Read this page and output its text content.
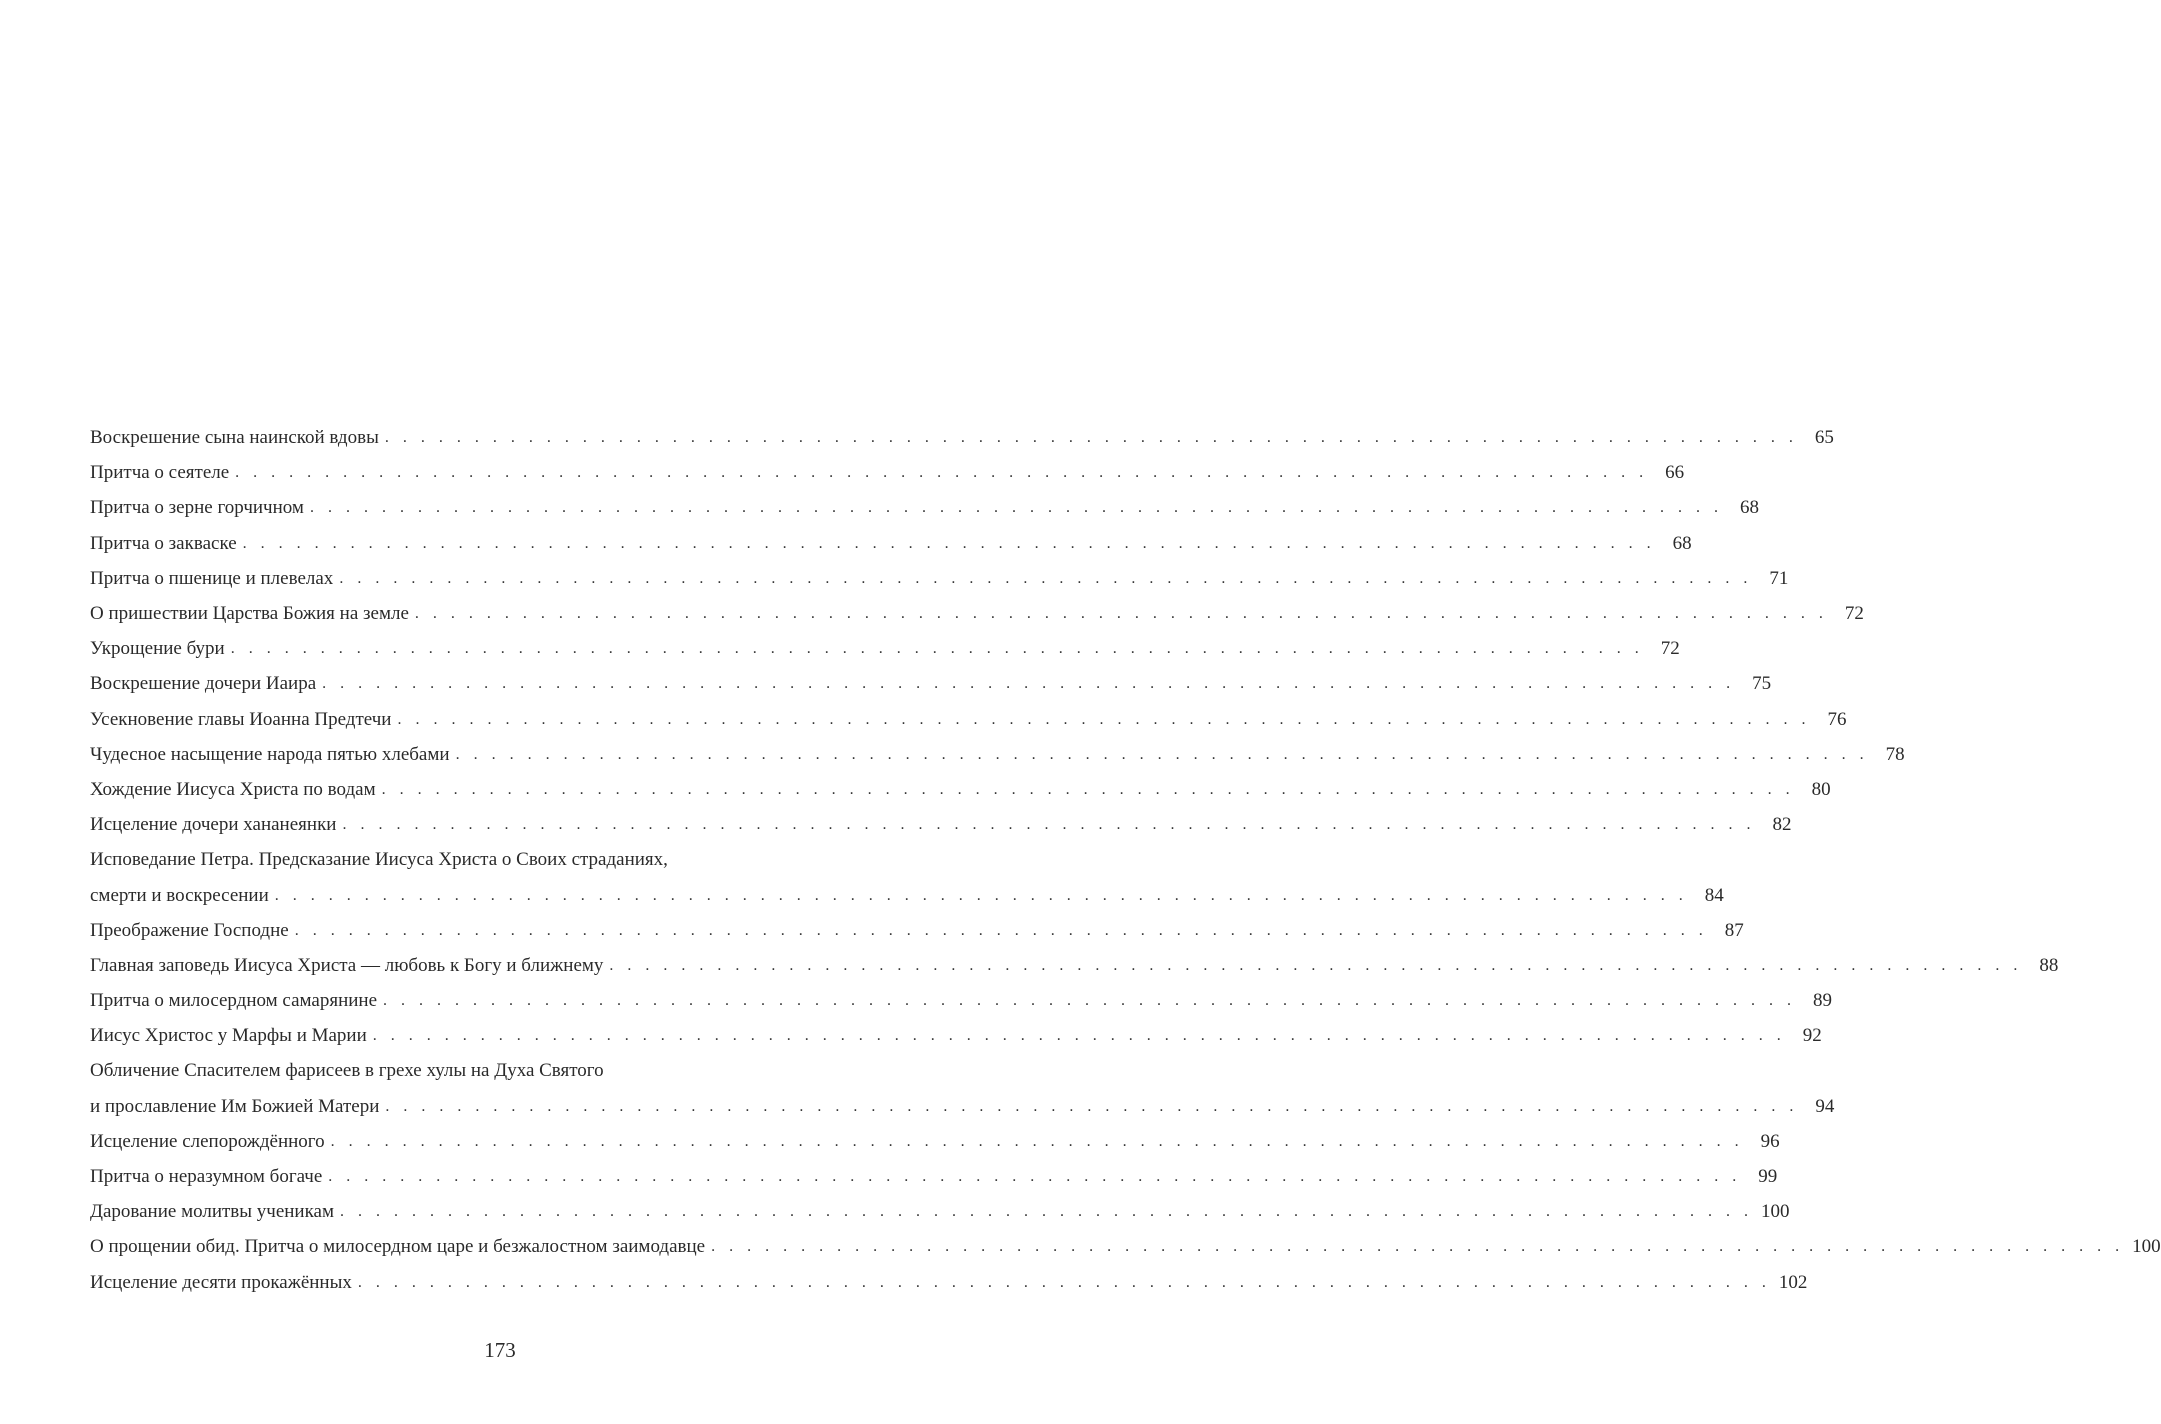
Воскрешение сына наинской вдовы . . . . . . . . . . . . . . . . . . . . . . . . . . . . . . . . . . . . . . . . . . . . . . . . . . . . . . . . . . . . . . . . . . . . . . . . . . . . . . . 65
Притча о сеятеле . . . . . . . . . . . . . . . . . . . . . . . . . . . . . . . . . . . . . . . . . . . . . . . . . . . . . . . . . . . . . . . . . . . . . . . . . . . . . . . 66
Притча о зерне горчичном . . . . . . . . . . . . . . . . . . . . . . . . . . . . . . . . . . . . . . . . . . . . . . . . . . . . . . . . . . . . . . . . . . . . . . . . . . . . . . . 68
Притча о закваске . . . . . . . . . . . . . . . . . . . . . . . . . . . . . . . . . . . . . . . . . . . . . . . . . . . . . . . . . . . . . . . . . . . . . . . . . . . . . . . 68
Притча о пшенице и плевелах . . . . . . . . . . . . . . . . . . . . . . . . . . . . . . . . . . . . . . . . . . . . . . . . . . . . . . . . . . . . . . . . . . . . . . . . . . . . . . . 71
О пришествии Царства Божия на земле . . . . . . . . . . . . . . . . . . . . . . . . . . . . . . . . . . . . . . . . . . . . . . . . . . . . . . . . . . . . . . . . . . . . . . . . . . . . . . . 72
Укрощение бури . . . . . . . . . . . . . . . . . . . . . . . . . . . . . . . . . . . . . . . . . . . . . . . . . . . . . . . . . . . . . . . . . . . . . . . . . . . . . . . 72
Воскрешение дочери Иаира . . . . . . . . . . . . . . . . . . . . . . . . . . . . . . . . . . . . . . . . . . . . . . . . . . . . . . . . . . . . . . . . . . . . . . . . . . . . . . . 75
Усекновение главы Иоанна Предтечи . . . . . . . . . . . . . . . . . . . . . . . . . . . . . . . . . . . . . . . . . . . . . . . . . . . . . . . . . . . . . . . . . . . . . . . . . . . . . . . 76
Чудесное насыщение народа пятью хлебами . . . . . . . . . . . . . . . . . . . . . . . . . . . . . . . . . . . . . . . . . . . . . . . . . . . . . . . . . . . . . . . . . . . . . . . . . . . . . . . 78
Хождение Иисуса Христа по водам . . . . . . . . . . . . . . . . . . . . . . . . . . . . . . . . . . . . . . . . . . . . . . . . . . . . . . . . . . . . . . . . . . . . . . . . . . . . . . . 80
Исцеление дочери хананеянки . . . . . . . . . . . . . . . . . . . . . . . . . . . . . . . . . . . . . . . . . . . . . . . . . . . . . . . . . . . . . . . . . . . . . . . . . . . . . . . 82
Исповедание Петра. Предсказание Иисуса Христа о Своих страданиях,
смерти и воскресении . . . . . . . . . . . . . . . . . . . . . . . . . . . . . . . . . . . . . . . . . . . . . . . . . . . . . . . . . . . . . . . . . . . . . . . . . . . . . . . 84
Преображение Господне . . . . . . . . . . . . . . . . . . . . . . . . . . . . . . . . . . . . . . . . . . . . . . . . . . . . . . . . . . . . . . . . . . . . . . . . . . . . . . . 87
Главная заповедь Иисуса Христа — любовь к Богу и ближнему . . . . . . . . . . . . . . . . . . . . . . . . . . . . . . . . . . . . . . . . . . . . . . . . . . . . . . . . . . . . . . . . . . . . . . . . . . . . . . . 88
Притча о милосердном самарянине . . . . . . . . . . . . . . . . . . . . . . . . . . . . . . . . . . . . . . . . . . . . . . . . . . . . . . . . . . . . . . . . . . . . . . . . . . . . . . . 89
Иисус Христос у Марфы и Марии . . . . . . . . . . . . . . . . . . . . . . . . . . . . . . . . . . . . . . . . . . . . . . . . . . . . . . . . . . . . . . . . . . . . . . . . . . . . . . . 92
Обличение Спасителем фарисеев в грехе хулы на Духа Святого
и прославление Им Божией Матери . . . . . . . . . . . . . . . . . . . . . . . . . . . . . . . . . . . . . . . . . . . . . . . . . . . . . . . . . . . . . . . . . . . . . . . . . . . . . . . 94
Исцеление слепорождённого . . . . . . . . . . . . . . . . . . . . . . . . . . . . . . . . . . . . . . . . . . . . . . . . . . . . . . . . . . . . . . . . . . . . . . . . . . . . . . . 96
Притча о неразумном богаче . . . . . . . . . . . . . . . . . . . . . . . . . . . . . . . . . . . . . . . . . . . . . . . . . . . . . . . . . . . . . . . . . . . . . . . . . . . . . . . 99
Дарование молитвы ученикам . . . . . . . . . . . . . . . . . . . . . . . . . . . . . . . . . . . . . . . . . . . . . . . . . . . . . . . . . . . . . . . . . . . . . . . . . . . . . . . 100
О прощении обид. Притча о милосердном царе и безжалостном заимодавце . . . . . . . . . . . . . . . . . . . . . . . . . . . . . . . . . . . . . . . . . . . . . . . . . . . . . . . . . . . . . . . . . . . . . . . . . . . . . . . 100
Исцеление десяти прокажённых . . . . . . . . . . . . . . . . . . . . . . . . . . . . . . . . . . . . . . . . . . . . . . . . . . . . . . . . . . . . . . . . . . . . . . . . . . . . . . . 102
173
